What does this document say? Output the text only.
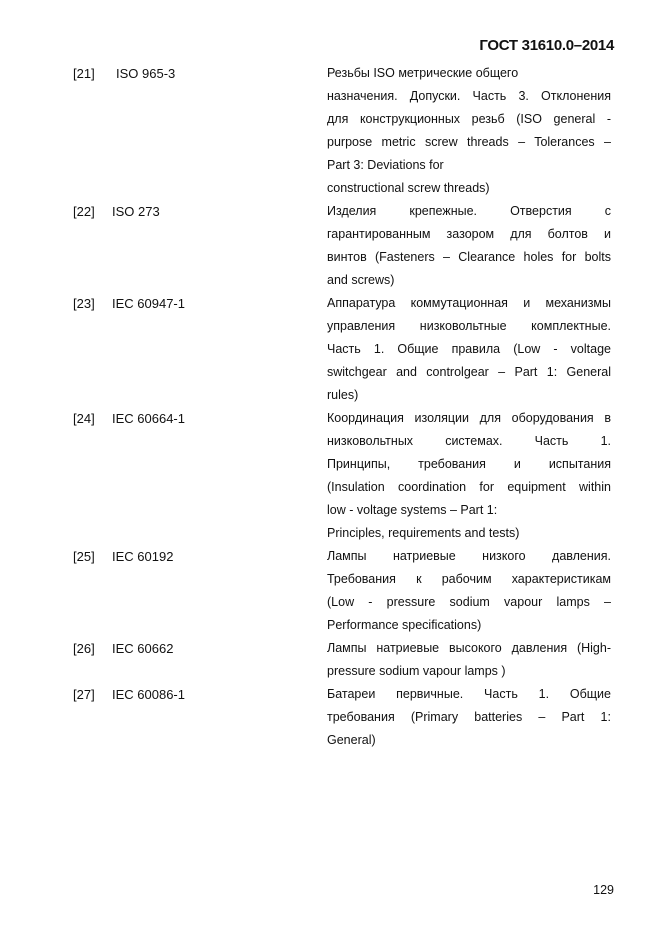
ГОСТ 31610.0–2014
[21] ISO 965-3	Резьбы ISO метрические общего
назначения. Допуски. Часть 3. Отклонения
для конструкционных резьб (ISO general -
purpose metric screw threads – Tolerances –
Part 3: Deviations for
constructional screw threads)
[22] ISO 273	Изделия крепежные. Отверстия с
гарантированным зазором для болтов и
винтов (Fasteners – Clearance holes for bolts
and screws)
[23] IEC 60947-1	Аппаратура коммутационная и механизмы
управления низковольтные комплектные.
Часть 1. Общие правила (Low - voltage
switchgear and controlgear – Part 1: General
rules)
[24] IEC 60664-1	Координация изоляции для оборудования в
низковольтных системах. Часть 1.
Принципы, требования и испытания
(Insulation coordination for equipment within
low - voltage systems – Part 1:
Principles, requirements and tests)
[25] IEC 60192	Лампы натриевые низкого давления.
Требования к рабочим характеристикам
(Low - pressure sodium vapour lamps –
Performance specifications)
[26] IEC 60662	Лампы натриевые высокого давления (High-
pressure sodium vapour lamps )
[27] IEC 60086-1	Батареи первичные. Часть 1. Общие
требования (Primary batteries – Part 1:
General)
129
